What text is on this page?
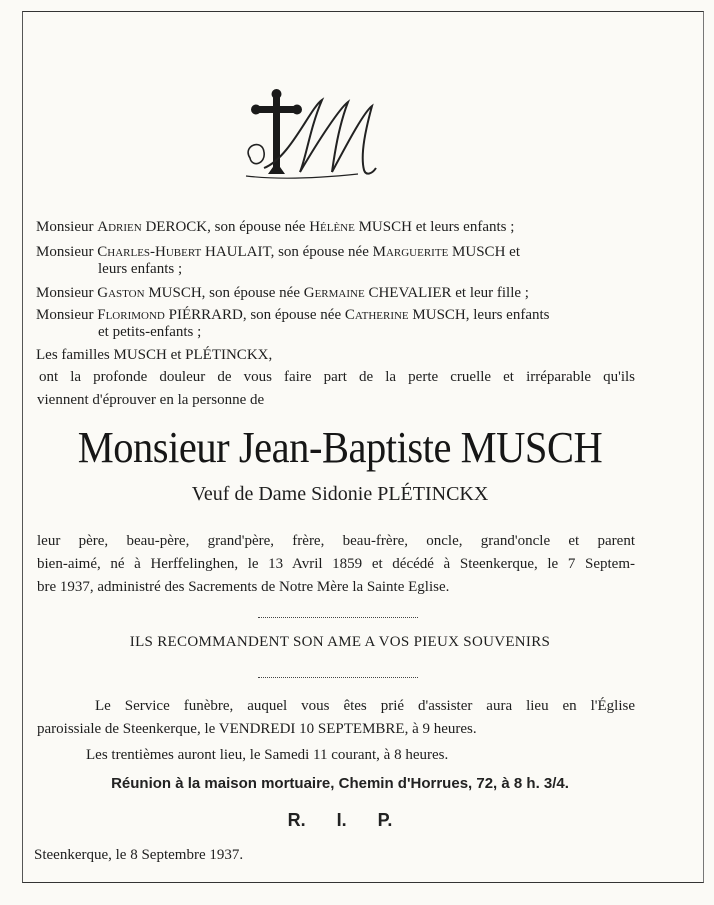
Monsieur Adrien DEROCK, son épouse née Hélène MUSCH et leurs enfants ;
Monsieur Charles-Hubert HAULAIT, son épouse née Marguerite MUSCH et
leurs enfants ;
Monsieur Gaston MUSCH, son épouse née Germaine CHEVALIER et leur fille ;
Monsieur Florimond PIÉRRARD, son épouse née Catherine MUSCH, leurs enfants
et petits-enfants ;
Les familles MUSCH et PLÉTINCKX,
ont la profonde douleur de vous faire part de la perte cruelle et irréparable qu'ils
viennent d'éprouver en la personne de
Monsieur Jean-Baptiste MUSCH
Veuf de Dame Sidonie PLÉTINCKX
leur père, beau-père, grand'père, frère, beau-frère, oncle, grand'oncle et parent
bien-aimé, né à Herffelinghen, le 13 Avril 1859 et décédé à Steenkerque, le 7 Septem-
bre 1937, administré des Sacrements de Notre Mère la Sainte Eglise.
ILS RECOMMANDENT SON AME A VOS PIEUX SOUVENIRS
Le Service funèbre, auquel vous êtes prié d'assister aura lieu en l'Église
paroissiale de Steenkerque, le VENDREDI 10 SEPTEMBRE, à 9 heures.
Les trentièmes auront lieu, le Samedi 11 courant, à 8 heures.
Réunion à la maison mortuaire, Chemin d'Horrues, 72, à 8 h. 3/4.
R. I. P.
Steenkerque, le 8 Septembre 1937.
